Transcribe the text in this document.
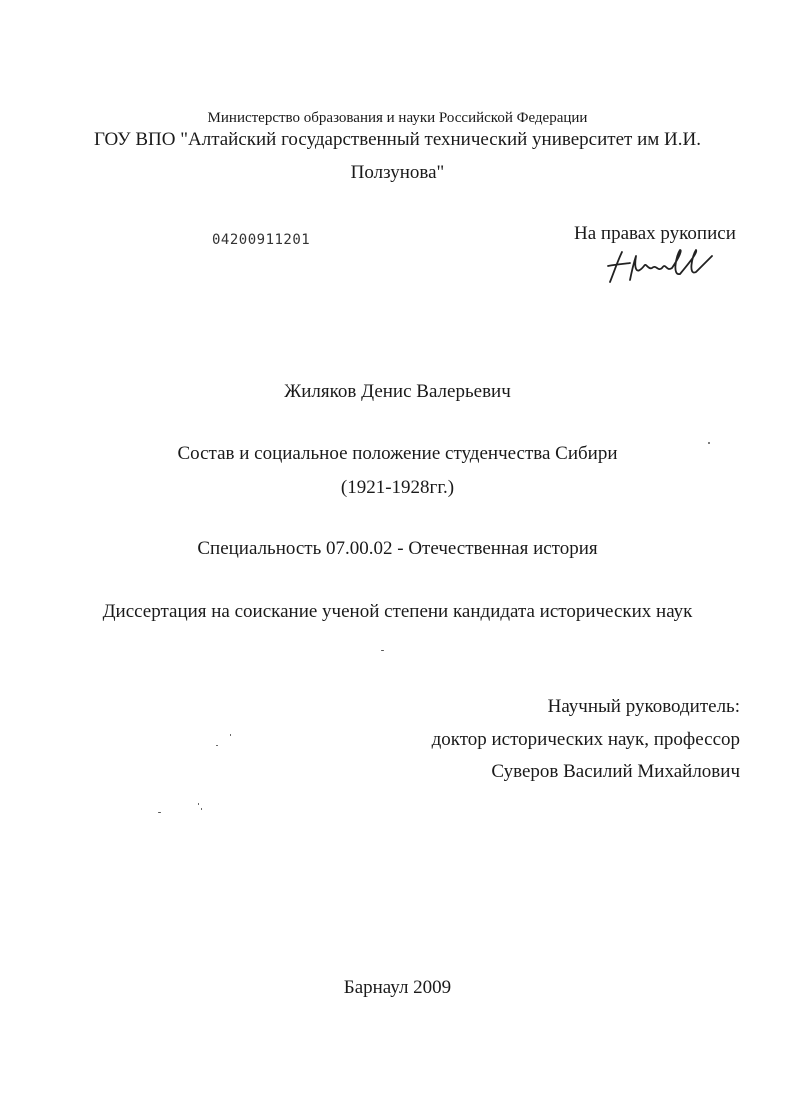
Министерство образования и науки Российской Федерации
ГОУ ВПО "Алтайский государственный технический университет им И.И.
Ползунова"
04200911201	На правах рукописи
Жиляков Денис Валерьевич
Состав и социальное положение студенчества Сибири
(1921-1928гг.)
Специальность 07.00.02 - Отечественная история
Диссертация на соискание ученой степени кандидата исторических наук
Научный руководитель:
доктор исторических наук, профессор
Суверов Василий Михайлович
Барнаул 2009
